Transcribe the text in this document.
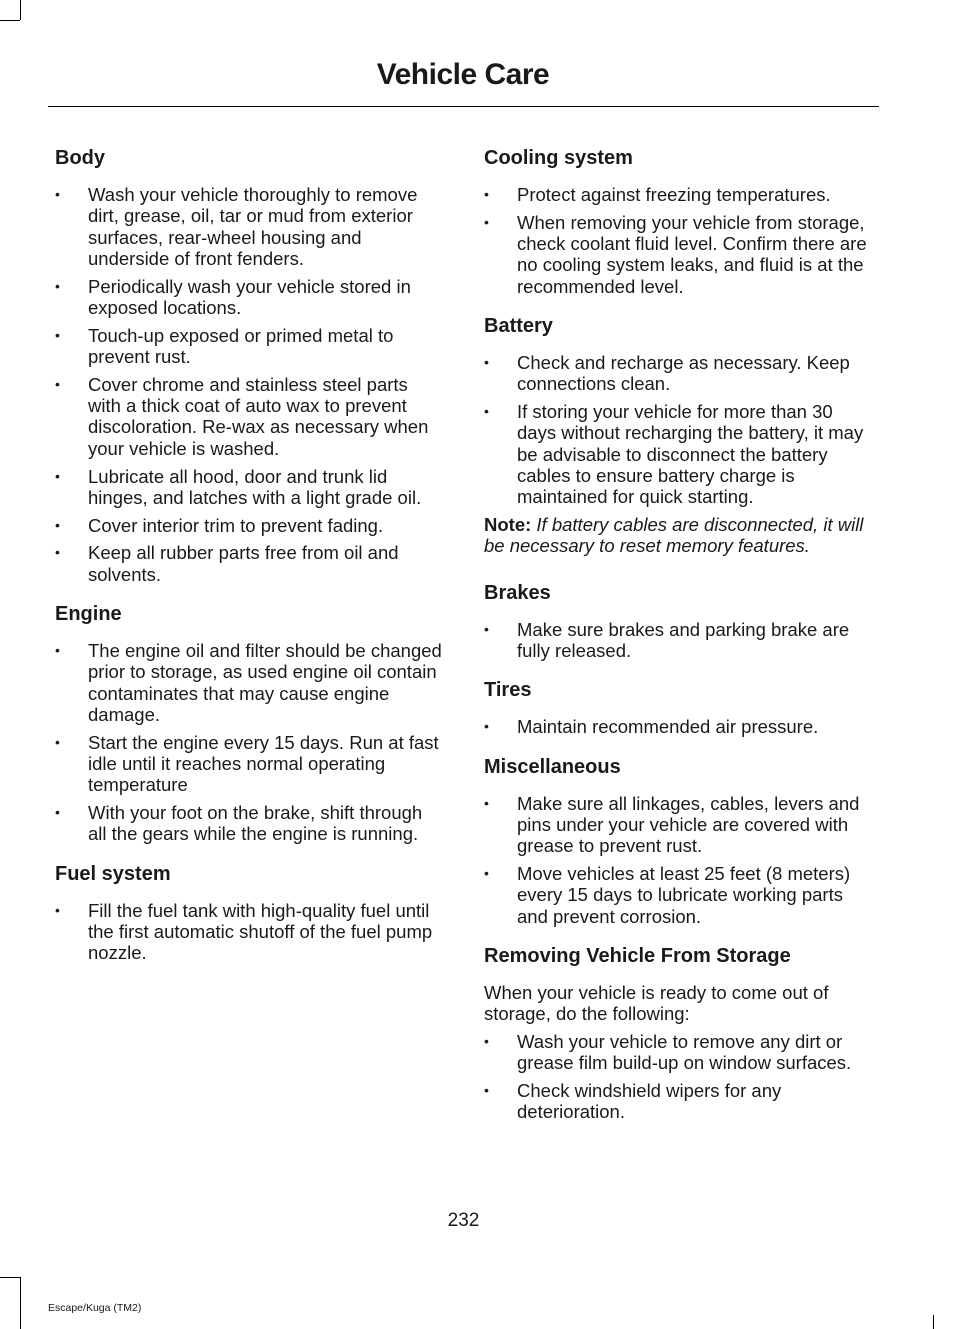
Vehicle Care
Body
• Wash your vehicle thoroughly to remove dirt, grease, oil, tar or mud from exterior surfaces, rear-wheel housing and underside of front fenders.
• Periodically wash your vehicle stored in exposed locations.
• Touch-up exposed or primed metal to prevent rust.
• Cover chrome and stainless steel parts with a thick coat of auto wax to prevent discoloration. Re-wax as necessary when your vehicle is washed.
• Lubricate all hood, door and trunk lid hinges, and latches with a light grade oil.
• Cover interior trim to prevent fading.
• Keep all rubber parts free from oil and solvents.
Engine
• The engine oil and filter should be changed prior to storage, as used engine oil contain contaminates that may cause engine damage.
• Start the engine every 15 days. Run at fast idle until it reaches normal operating temperature
• With your foot on the brake, shift through all the gears while the engine is running.
Fuel system
• Fill the fuel tank with high-quality fuel until the first automatic shutoff of the fuel pump nozzle.
Cooling system
• Protect against freezing temperatures.
• When removing your vehicle from storage, check coolant fluid level. Confirm there are no cooling system leaks, and fluid is at the recommended level.
Battery
• Check and recharge as necessary. Keep connections clean.
• If storing your vehicle for more than 30 days without recharging the battery, it may be advisable to disconnect the battery cables to ensure battery charge is maintained for quick starting.

Note: If battery cables are disconnected, it will be necessary to reset memory features.

Brakes
• Make sure brakes and parking brake are fully released.
Tires
• Maintain recommended air pressure.
Miscellaneous
• Make sure all linkages, cables, levers and pins under your vehicle are covered with grease to prevent rust.
• Move vehicles at least 25 feet (8 meters) every 15 days to lubricate working parts and prevent corrosion.
Removing Vehicle From Storage

When your vehicle is ready to come out of storage, do the following:

• Wash your vehicle to remove any dirt or grease film build-up on window surfaces.
• Check windshield wipers for any deterioration.
232
Escape/Kuga (TM2)
